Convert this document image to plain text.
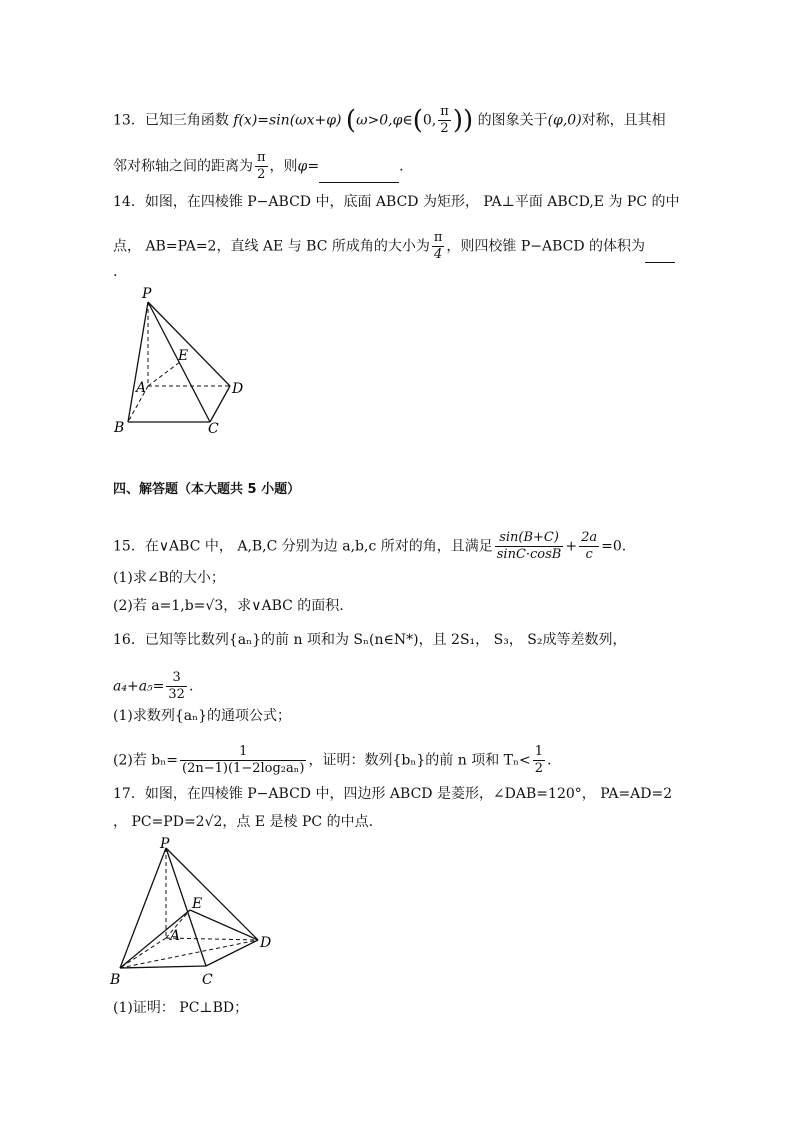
13．已知三角函数 f(x)=sin(ωx+φ) (ω>0,φ∈(0, $\frac{\pi}{2}$ )) 的图象关于(φ,0)对称，且其相
邻对称轴之间的距离为 $\frac{\pi}{2}$ ，则φ=	.
14．如图，在四棱锥 P−ABCD 中，底面 ABCD 为矩形， PA⊥平面 ABCD,E 为 PC 的中
点， AB=PA=2，直线 AE 与 BC 所成角的大小为 $\frac{\pi}{4}$ ，则四校锥 P−ABCD 的体积为
.
P
E
A	D
B	C
四、解答题（本大题共 5 小题）
15．在∨ABC 中， A,B,C 分别为边 a,b,c 所对的角，且满足 $\frac{\sin(B+C)}{\sin C\cdot\cos B} + \frac{2a}{c} =0$.
(1)求∠B的大小；
(2)若 a=1,b=√3，求∨ABC 的面积.
16．已知等比数列{aₙ}的前 n 项和为 Sₙ(n∈N*)，且 2S₁， S₃， S₂成等差数列，
$a_4+a_5= \frac{3}{32}$ .
(1)求数列{aₙ}的通项公式；
(2)若 $b_n= \frac{1}{\text{(2n−1)(1−2log₂aₙ)}}$ ，证明：数列{bₙ}的前 n 项和 $T_n< \frac{1}{2}$ .
17．如图，在四棱锥 P−ABCD 中，四边形 ABCD 是菱形，∠DAB=120°， PA=AD=2
， PC=PD=2√2，点 E 是棱 PC 的中点.
P
E
A	D
B	C
(1)证明： PC⊥BD；
